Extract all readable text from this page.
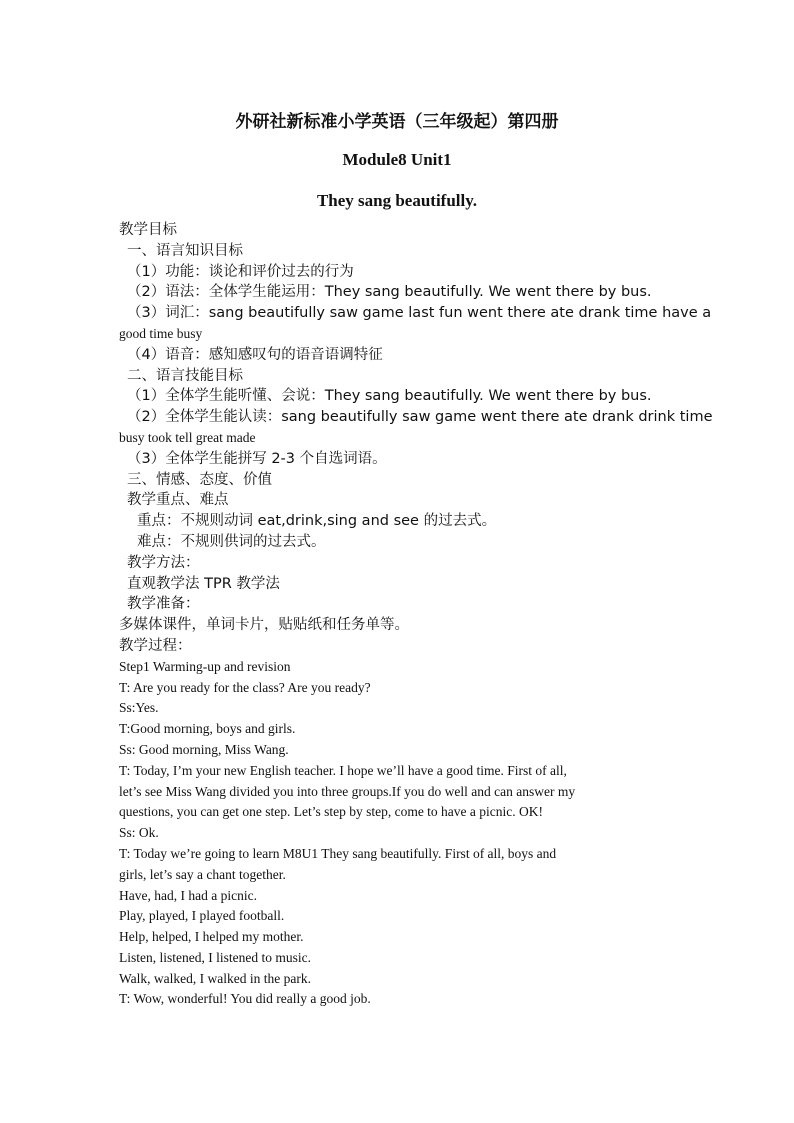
外研社新标准小学英语（三年级起）第四册
Module8 Unit1
They sang beautifully.
教学目标
一、语言知识目标
（1）功能：谈论和评价过去的行为
（2）语法：全体学生能运用：They sang beautifully. We went there by bus.
（3）词汇：sang beautifully saw game last fun went there ate drank time have a
good time busy
（4）语音：感知感叹句的语音语调特征
二、语言技能目标
（1）全体学生能听懂、会说：They sang beautifully. We went there by bus.
（2）全体学生能认读：sang beautifully saw game went there ate drank drink time
busy took tell great made
（3）全体学生能拼写 2-3 个自选词语。
三、情感、态度、价值
教学重点、难点
重点：不规则动词 eat,drink,sing and see 的过去式。
难点：不规则供词的过去式。
教学方法：
直观教学法 TPR 教学法
教学准备：
多媒体课件，单词卡片，贴贴纸和任务单等。
教学过程：
Step1 Warming-up and revision
T: Are you ready for the class? Are you ready?
Ss:Yes.
T:Good morning, boys and girls.
Ss: Good morning, Miss Wang.
T: Today, I’m your new English teacher. I hope we’ll have a good time. First of all,
let’s see Miss Wang divided you into three groups.If you do well and can answer my
questions, you can get one step. Let’s step by step, come to have a picnic. OK!
Ss: Ok.
T: Today we’re going to learn M8U1 They sang beautifully. First of all, boys and
girls, let’s say a chant together.
Have, had, I had a picnic.
Play, played, I played football.
Help, helped, I helped my mother.
Listen, listened, I listened to music.
Walk, walked, I walked in the park.
T: Wow, wonderful! You did really a good job.
